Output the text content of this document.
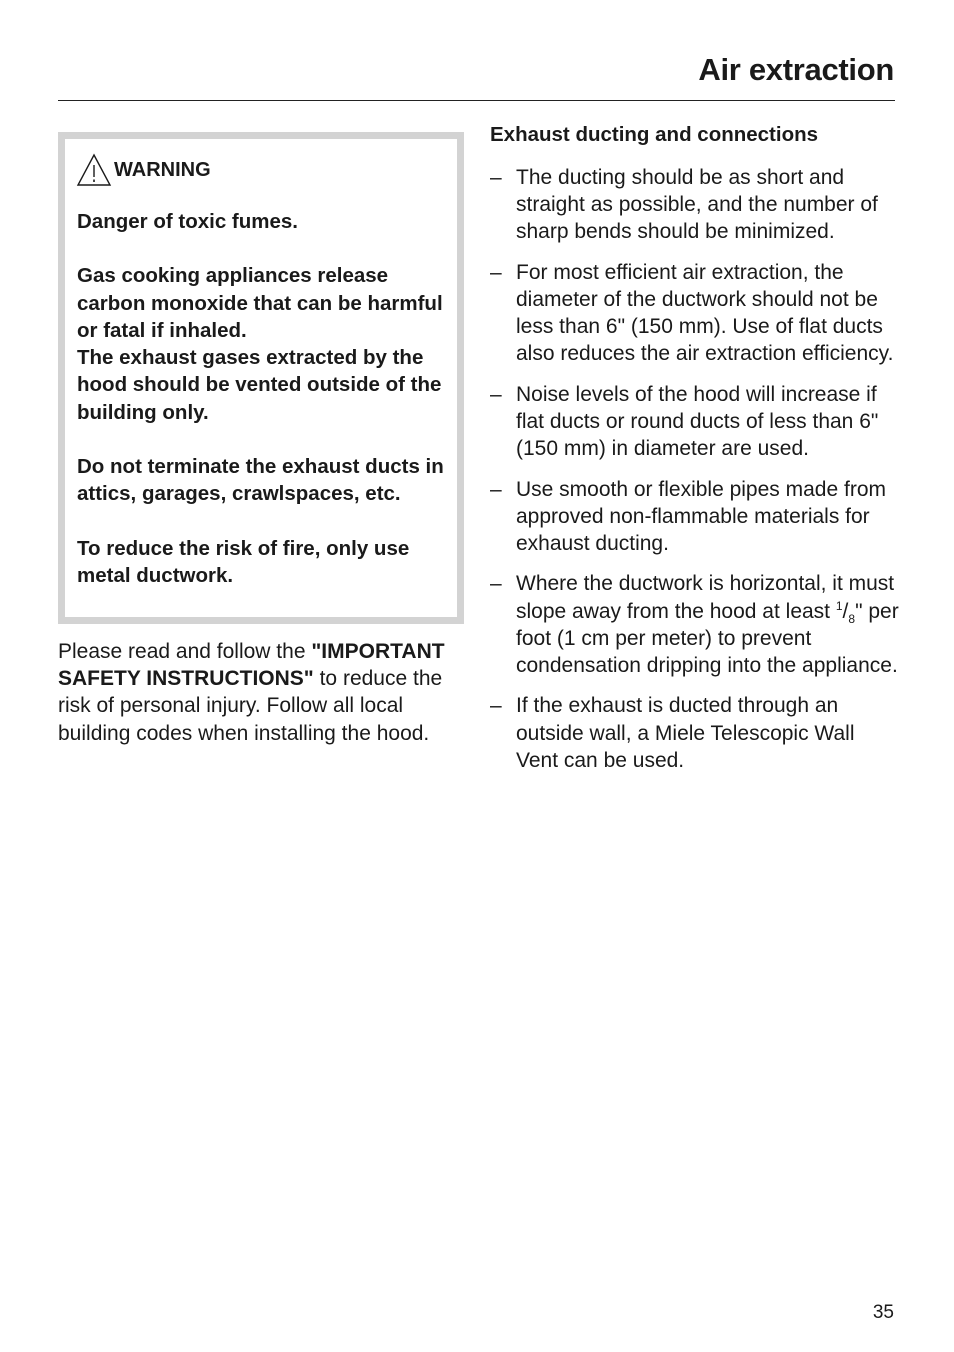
Air extraction
WARNING

Danger of toxic fumes.

Gas cooking appliances release carbon monoxide that can be harmful or fatal if inhaled.
The exhaust gases extracted by the hood should be vented outside of the building only.

Do not terminate the exhaust ducts in attics, garages, crawlspaces, etc.

To reduce the risk of fire, only use metal ductwork.

Please read and follow the "IMPORTANT SAFETY INSTRUCTIONS" to reduce the risk of personal injury. Follow all local building codes when installing the hood.

Exhaust ducting and connections
– The ducting should be as short and straight as possible, and the number of sharp bends should be minimized.
– For most efficient air extraction, the diameter of the ductwork should not be less than 6" (150 mm). Use of flat ducts also reduces the air extraction efficiency.
– Noise levels of the hood will increase if flat ducts or round ducts of less than 6" (150 mm) in diameter are used.
– Use smooth or flexible pipes made from approved non-flammable materials for exhaust ducting.
– Where the ductwork is horizontal, it must slope away from the hood at least $^1/_8$" per foot (1 cm per meter) to prevent condensation dripping into the appliance.
– If the exhaust is ducted through an outside wall, a Miele Telescopic Wall Vent can be used.
35
